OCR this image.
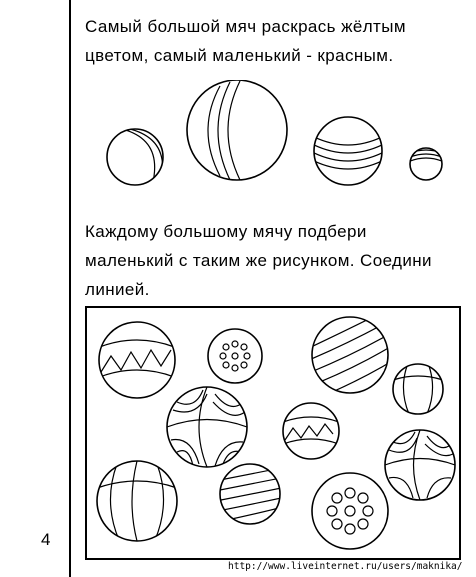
Самый большой мяч раскрась жёлтым

цветом, самый маленький - красным.

Каждому большому мячу подбери

маленький с таким же рисунком. Соедини

линией.

4
http://www.liveinternet.ru/users/maknika/
